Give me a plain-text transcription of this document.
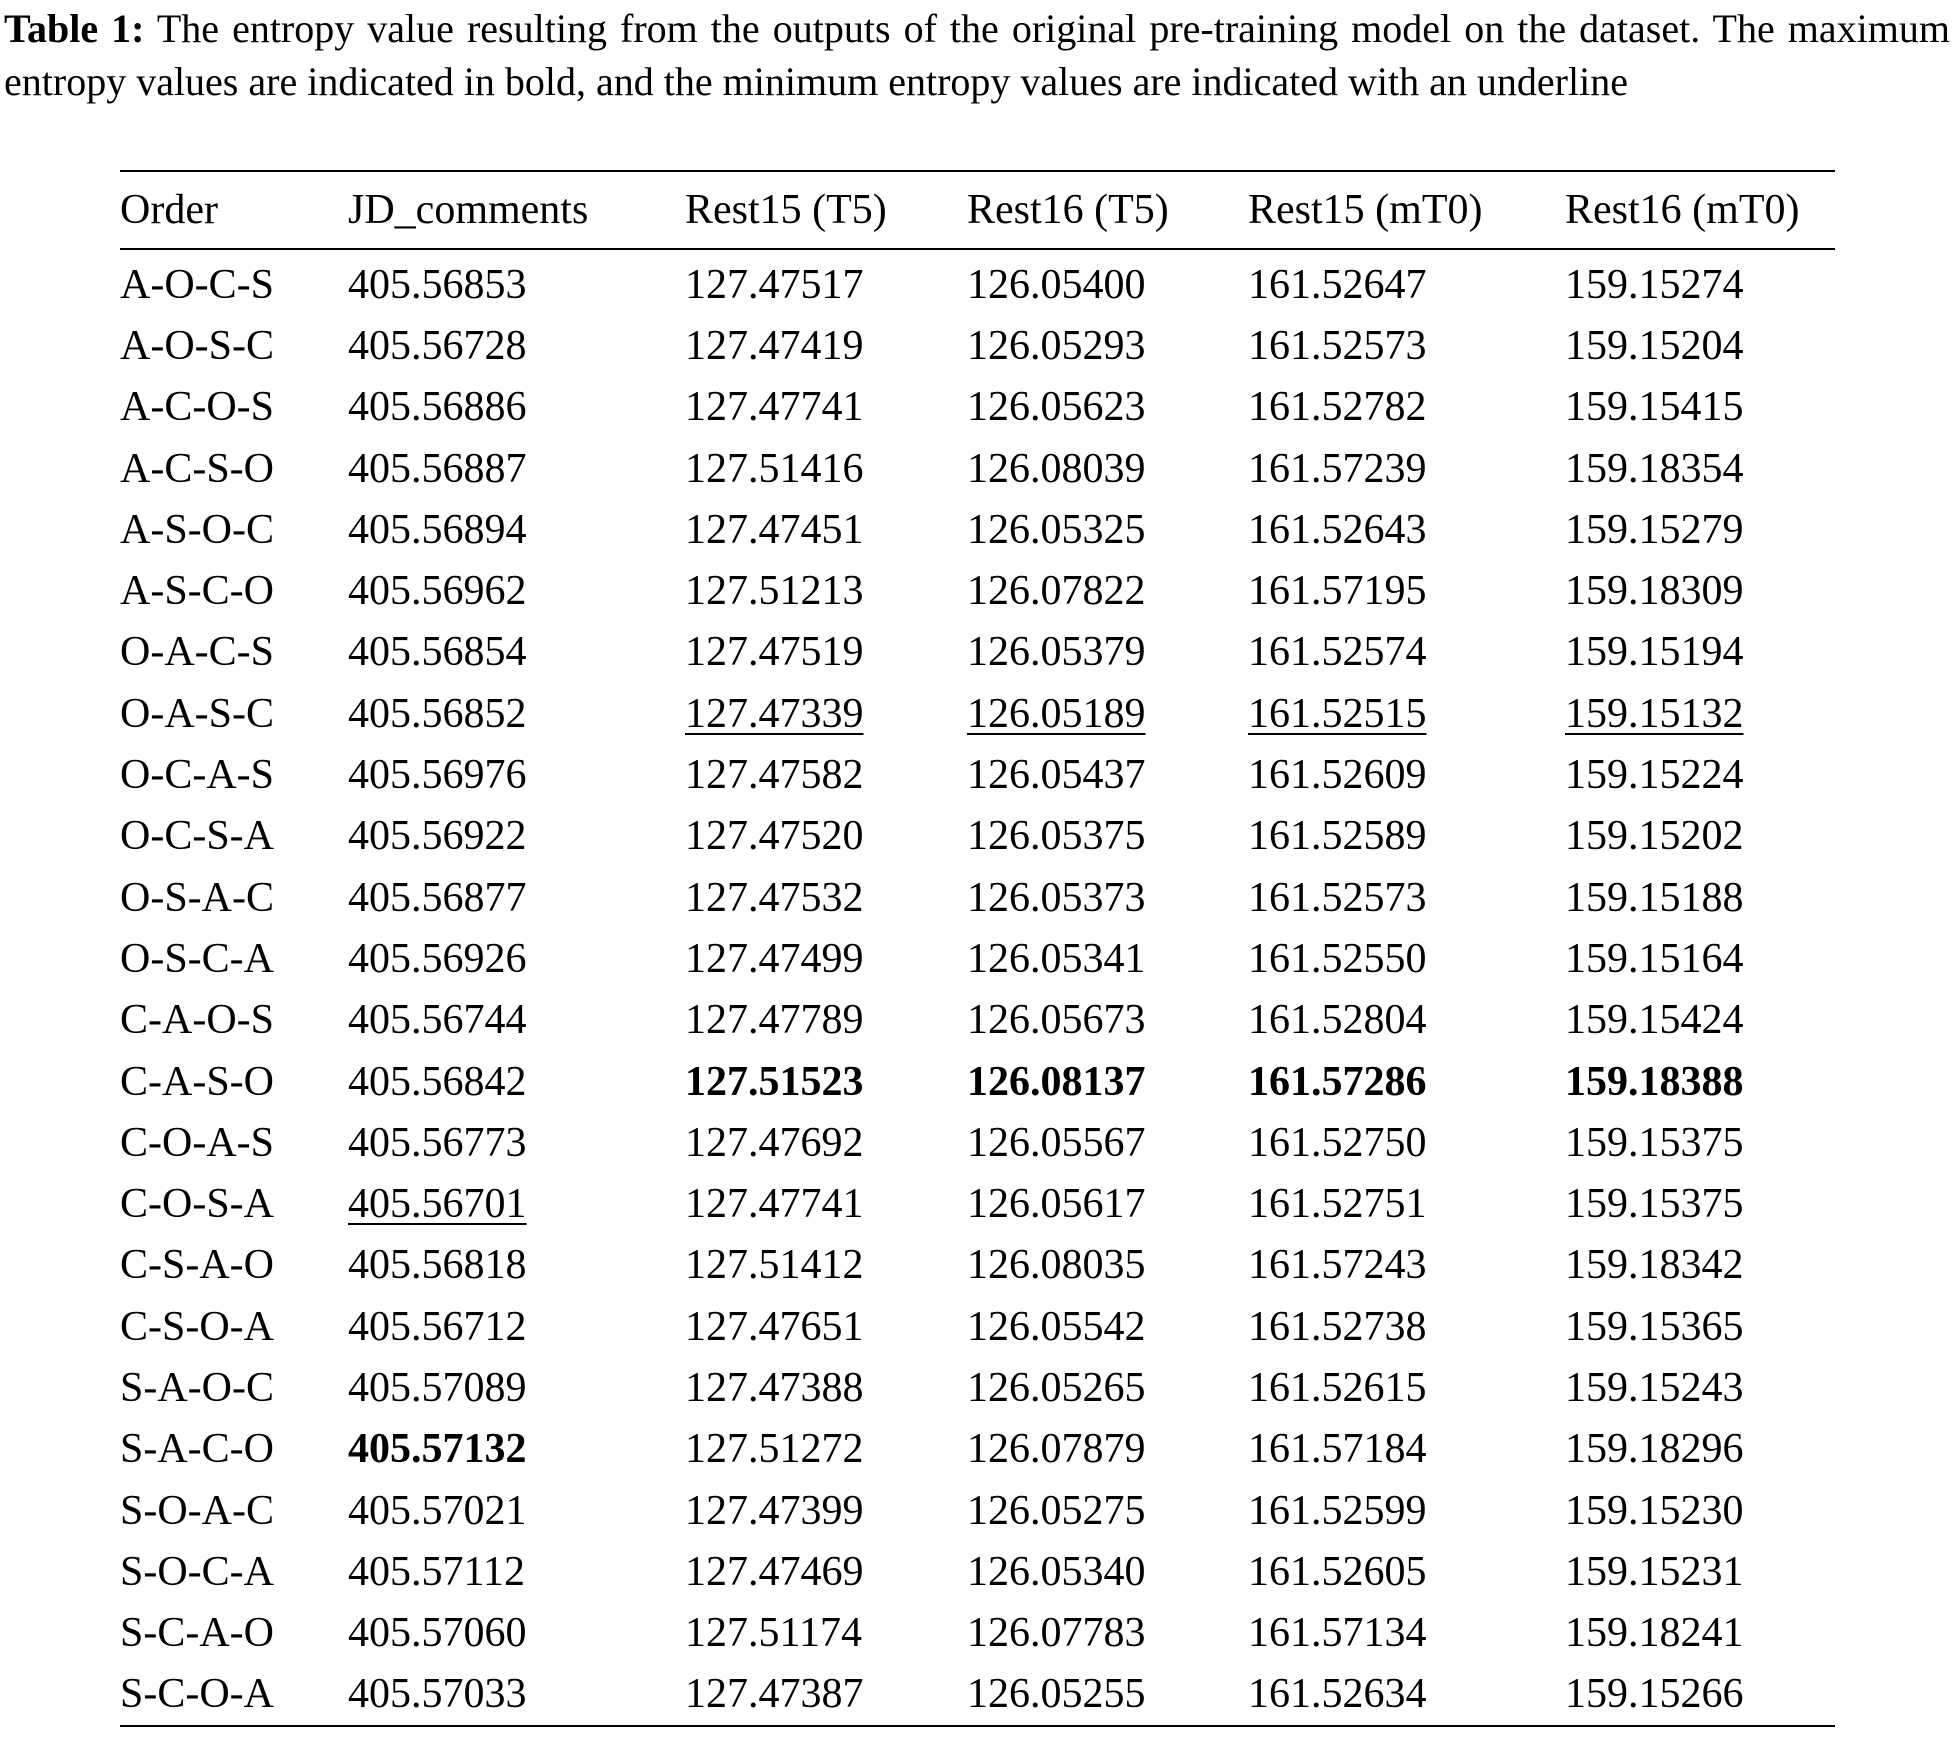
Table 1: The entropy value resulting from the outputs of the original pre-training model on the dataset. The maximum entropy values are indicated in bold, and the minimum entropy values are indicated with an underline

Order	JD_comments	Rest15 (T5)	Rest16 (T5)	Rest15 (mT0)	Rest16 (mT0)
A-O-C-S	405.56853	127.47517	126.05400	161.52647	159.15274
A-O-S-C	405.56728	127.47419	126.05293	161.52573	159.15204
A-C-O-S	405.56886	127.47741	126.05623	161.52782	159.15415
A-C-S-O	405.56887	127.51416	126.08039	161.57239	159.18354
A-S-O-C	405.56894	127.47451	126.05325	161.52643	159.15279
A-S-C-O	405.56962	127.51213	126.07822	161.57195	159.18309
O-A-C-S	405.56854	127.47519	126.05379	161.52574	159.15194
O-A-S-C	405.56852	127.47339	126.05189	161.52515	159.15132
O-C-A-S	405.56976	127.47582	126.05437	161.52609	159.15224
O-C-S-A	405.56922	127.47520	126.05375	161.52589	159.15202
O-S-A-C	405.56877	127.47532	126.05373	161.52573	159.15188
O-S-C-A	405.56926	127.47499	126.05341	161.52550	159.15164
C-A-O-S	405.56744	127.47789	126.05673	161.52804	159.15424
C-A-S-O	405.56842	127.51523	126.08137	161.57286	159.18388
C-O-A-S	405.56773	127.47692	126.05567	161.52750	159.15375
C-O-S-A	405.56701	127.47741	126.05617	161.52751	159.15375
C-S-A-O	405.56818	127.51412	126.08035	161.57243	159.18342
C-S-O-A	405.56712	127.47651	126.05542	161.52738	159.15365
S-A-O-C	405.57089	127.47388	126.05265	161.52615	159.15243
S-A-C-O	405.57132	127.51272	126.07879	161.57184	159.18296
S-O-A-C	405.57021	127.47399	126.05275	161.52599	159.15230
S-O-C-A	405.57112	127.47469	126.05340	161.52605	159.15231
S-C-A-O	405.57060	127.51174	126.07783	161.57134	159.18241
S-C-O-A	405.57033	127.47387	126.05255	161.52634	159.15266
